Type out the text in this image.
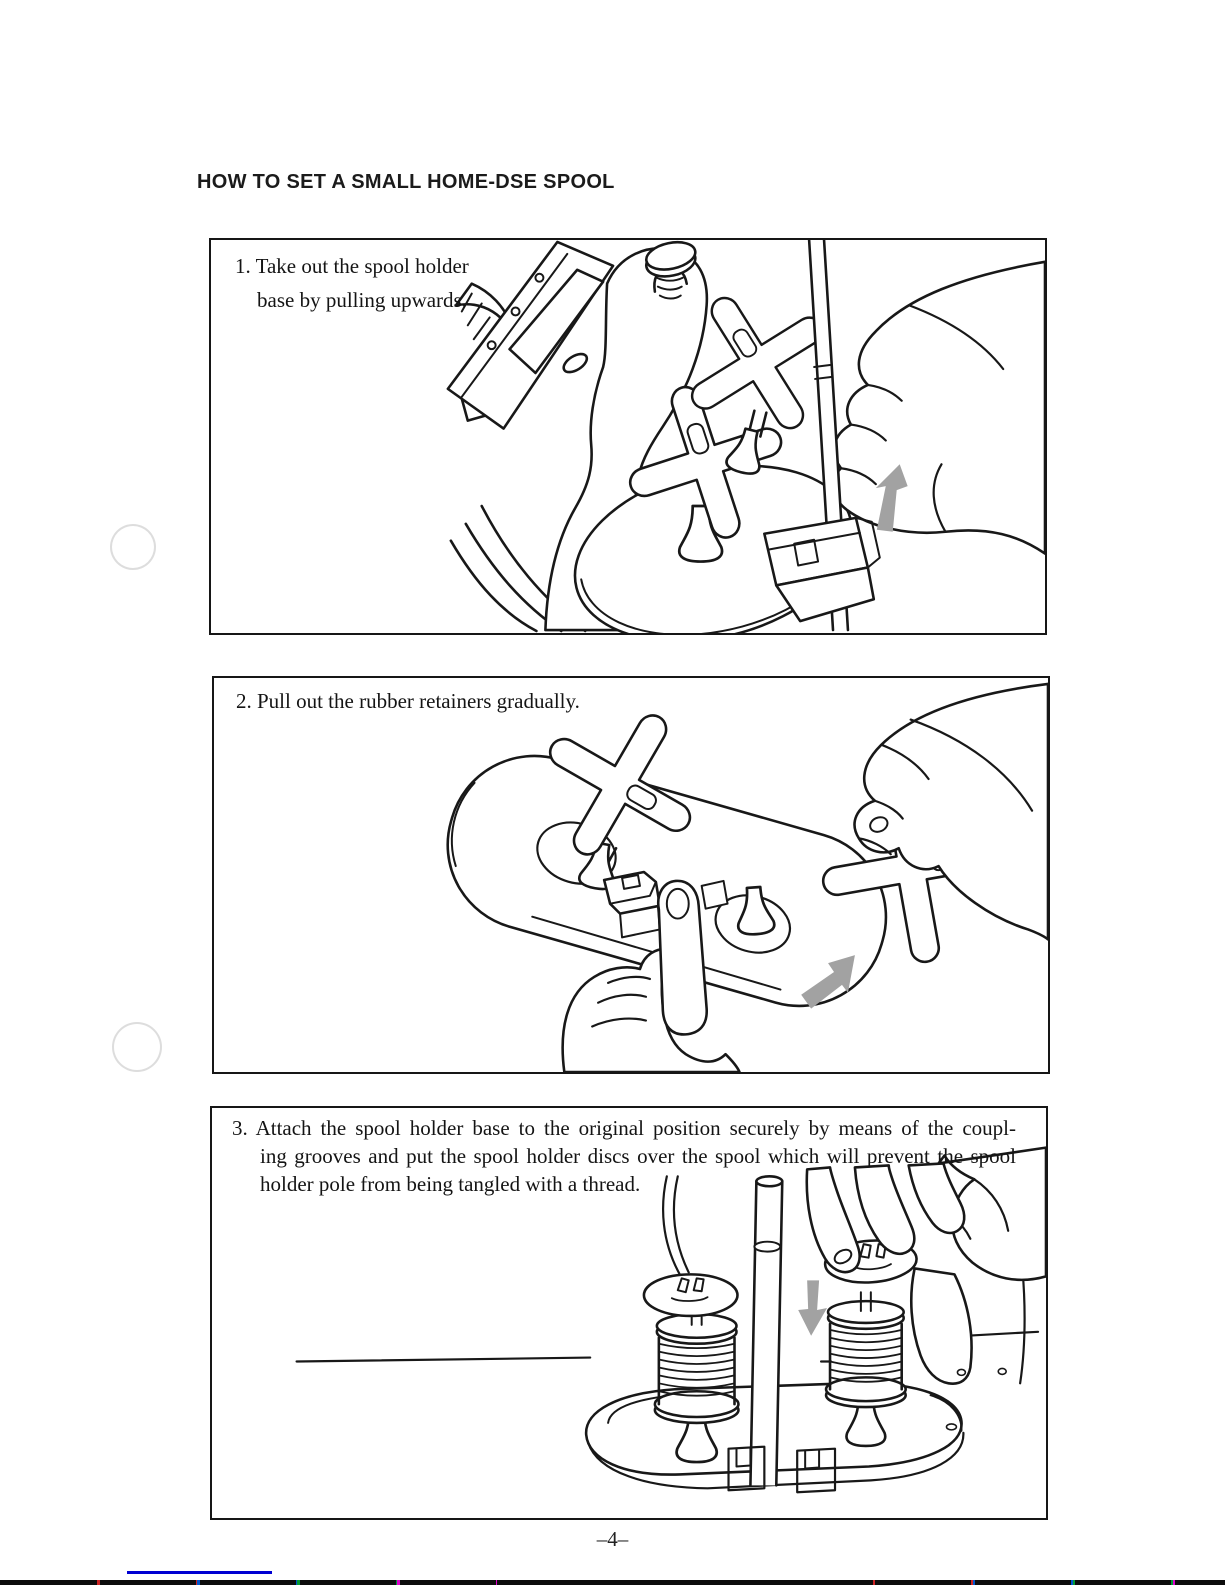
HOW TO SET A SMALL HOME-DSE SPOOL
1. Take out the spool holder
base by pulling upwards.
2. Pull out the rubber retainers gradually.
3. Attach the spool holder base to the original position securely by means of the coupl-
ing grooves and put the spool holder discs over the spool which will prevent the spool
holder pole from being tangled with a thread.
–4–
